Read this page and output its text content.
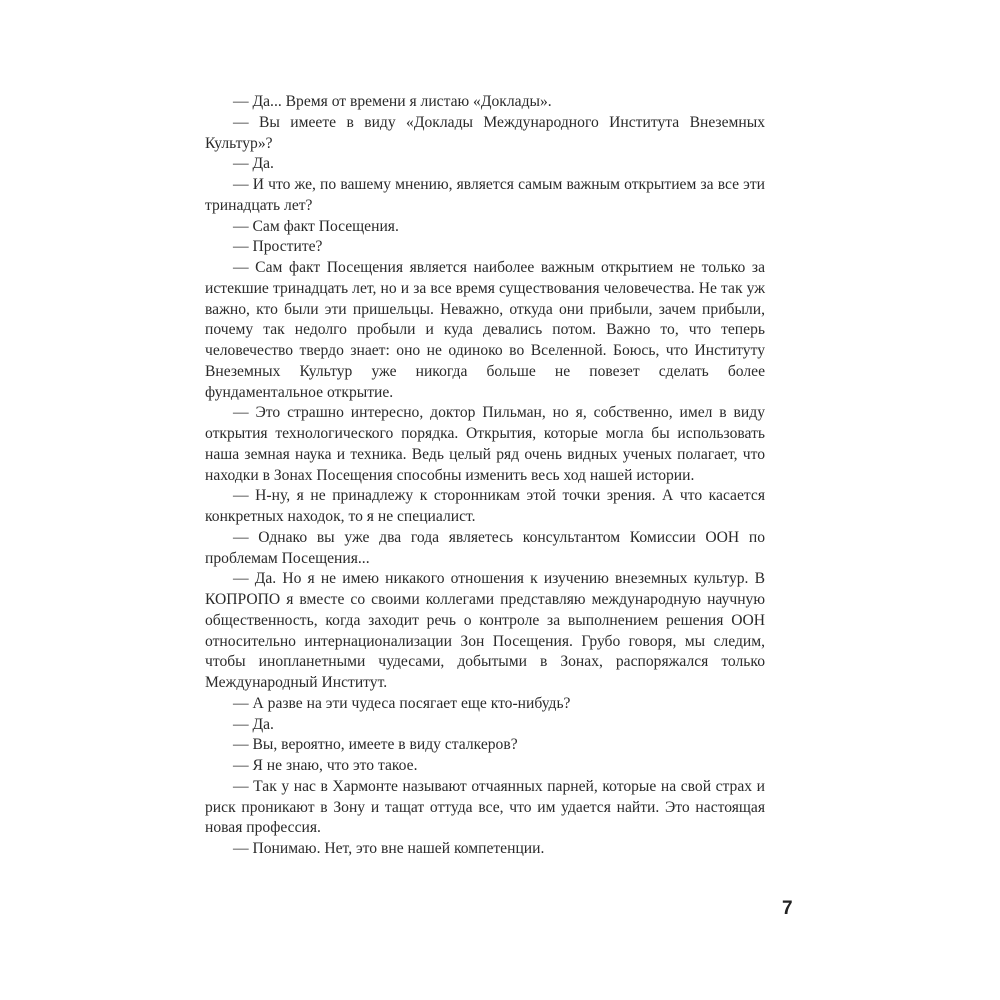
— Да... Время от времени я листаю «Доклады».

— Вы имеете в виду «Доклады Международного Института Внеземных Культур»?

— Да.

— И что же, по вашему мнению, является самым важным открытием за все эти тринадцать лет?

— Сам факт Посещения.

— Простите?

— Сам факт Посещения является наиболее важным открытием не только за истекшие тринадцать лет, но и за все время существования человечества. Не так уж важно, кто были эти пришельцы. Неважно, откуда они прибыли, зачем прибыли, почему так недолго пробыли и куда девались потом. Важно то, что теперь человечество твердо знает: оно не одиноко во Вселенной. Боюсь, что Институту Внеземных Культур уже никогда больше не повезет сделать более фундаментальное открытие.

— Это страшно интересно, доктор Пильман, но я, собственно, имел в виду открытия технологического порядка. Открытия, которые могла бы использовать наша земная наука и техника. Ведь целый ряд очень видных ученых полагает, что находки в Зонах Посещения способны изменить весь ход нашей истории.

— Н-ну, я не принадлежу к сторонникам этой точки зрения. А что касается конкретных находок, то я не специалист.

— Однако вы уже два года являетесь консультантом Комиссии ООН по проблемам Посещения...

— Да. Но я не имею никакого отношения к изучению внеземных культур. В КОПРОПО я вместе со своими коллегами представляю международную научную общественность, когда заходит речь о контроле за выполнением решения ООН относительно интернационализации Зон Посещения. Грубо говоря, мы следим, чтобы инопланетными чудесами, добытыми в Зонах, распоряжался только Международный Институт.

— А разве на эти чудеса посягает еще кто-нибудь?

— Да.

— Вы, вероятно, имеете в виду сталкеров?

— Я не знаю, что это такое.

— Так у нас в Хармонте называют отчаянных парней, которые на свой страх и риск проникают в Зону и тащат оттуда все, что им удается найти. Это настоящая новая профессия.

— Понимаю. Нет, это вне нашей компетенции.

7
